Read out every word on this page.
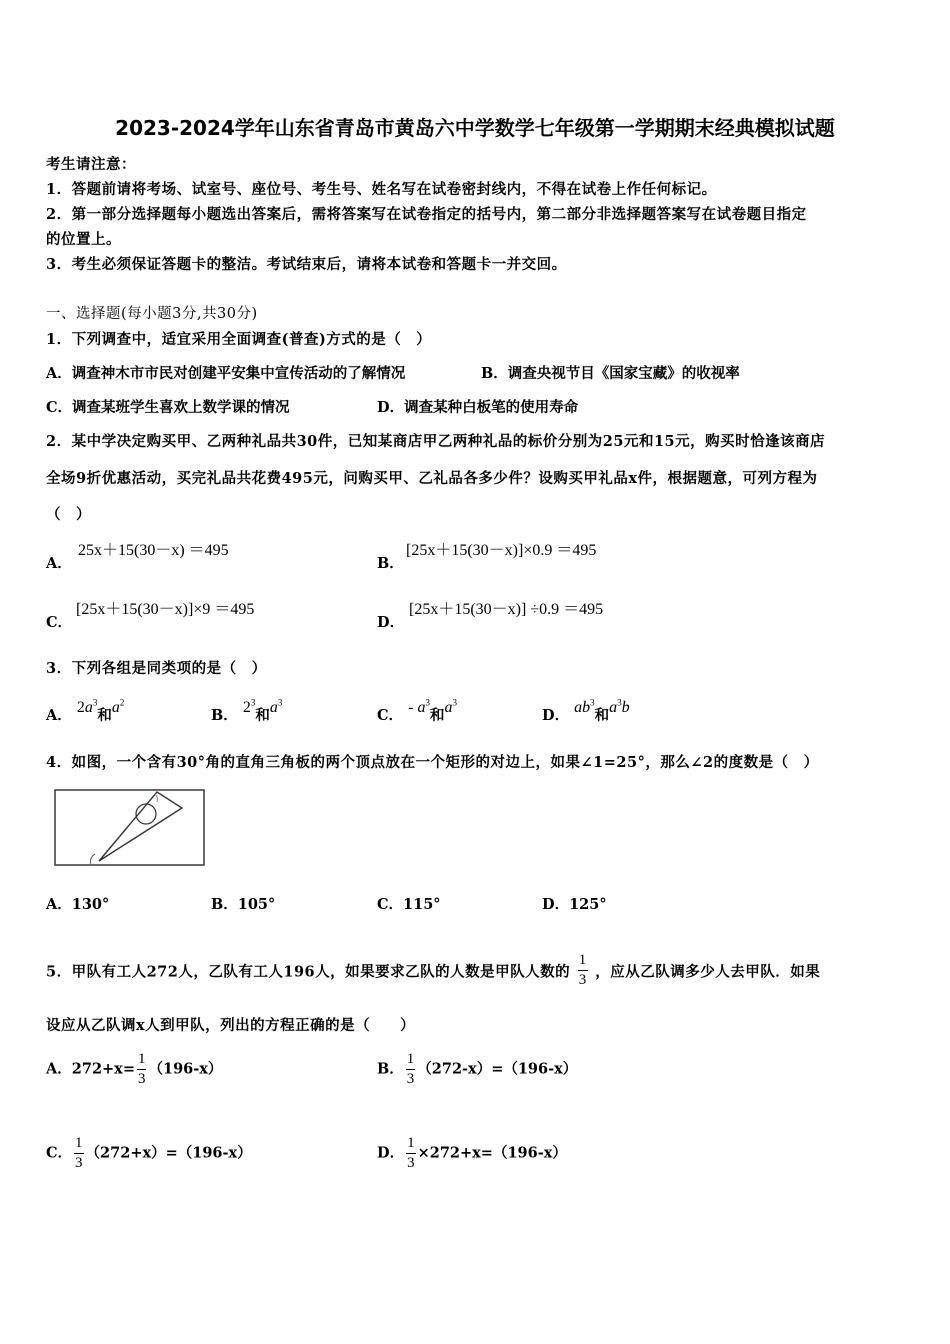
2023-2024学年山东省青岛市黄岛六中学数学七年级第一学期期末经典模拟试题
考生请注意：
1．答题前请将考场、试室号、座位号、考生号、姓名写在试卷密封线内，不得在试卷上作任何标记。
2．第一部分选择题每小题选出答案后，需将答案写在试卷指定的括号内，第二部分非选择题答案写在试卷题目指定
的位置上。
3．考生必须保证答题卡的整洁。考试结束后，请将本试卷和答题卡一并交回。
一、选择题(每小题3分,共30分)
1．下列调查中，适宜采用全面调查(普查)方式的是（　）
A．调查神木市市民对创建平安集中宣传活动的了解情况	B．调查央视节目《国家宝藏》的收视率
C．调查某班学生喜欢上数学课的情况	D．调查某种白板笔的使用寿命
2．某中学决定购买甲、乙两种礼品共30件，已知某商店甲乙两种礼品的标价分别为25元和15元，购买时恰逢该商店
全场9折优惠活动，买完礼品共花费495元，问购买甲、乙礼品各多少件？设购买甲礼品x件，根据题意，可列方程为
（　）
A．
25x＋15(30－x) ＝495
B．
[25x＋15(30－x)]×0.9 ＝495
C．
[25x＋15(30－x)]×9 ＝495
D．
[25x＋15(30－x)] ÷0.9 ＝495
3．下列各组是同类项的是（　）
A． $2a^3$和$a^2$
B． $2^3$和$a^3$
C． - $a^3$和$a^3$
D． $ab^3$和$a^3b$
4．如图，一个含有30°角的直角三角板的两个顶点放在一个矩形的对边上，如果∠1=25°，那么∠2的度数是（　）
A．130°	B．105°	C．115°	D．125°
5．甲队有工人272人，乙队有工人196人，如果要求乙队的人数是甲队人数的 $\frac{1}{3}$ ，应从乙队调多少人去甲队．如果
设应从乙队调x人到甲队，列出的方程正确的是（　　）
A．$272+x= \frac{1}{3} (196-x)$	B． $\frac{1}{3} (272-x)=(196-x)$
C． $\frac{1}{3} (272+x)=(196-x)$	D． $\frac{1}{3} \times 272+x=(196-x)$
